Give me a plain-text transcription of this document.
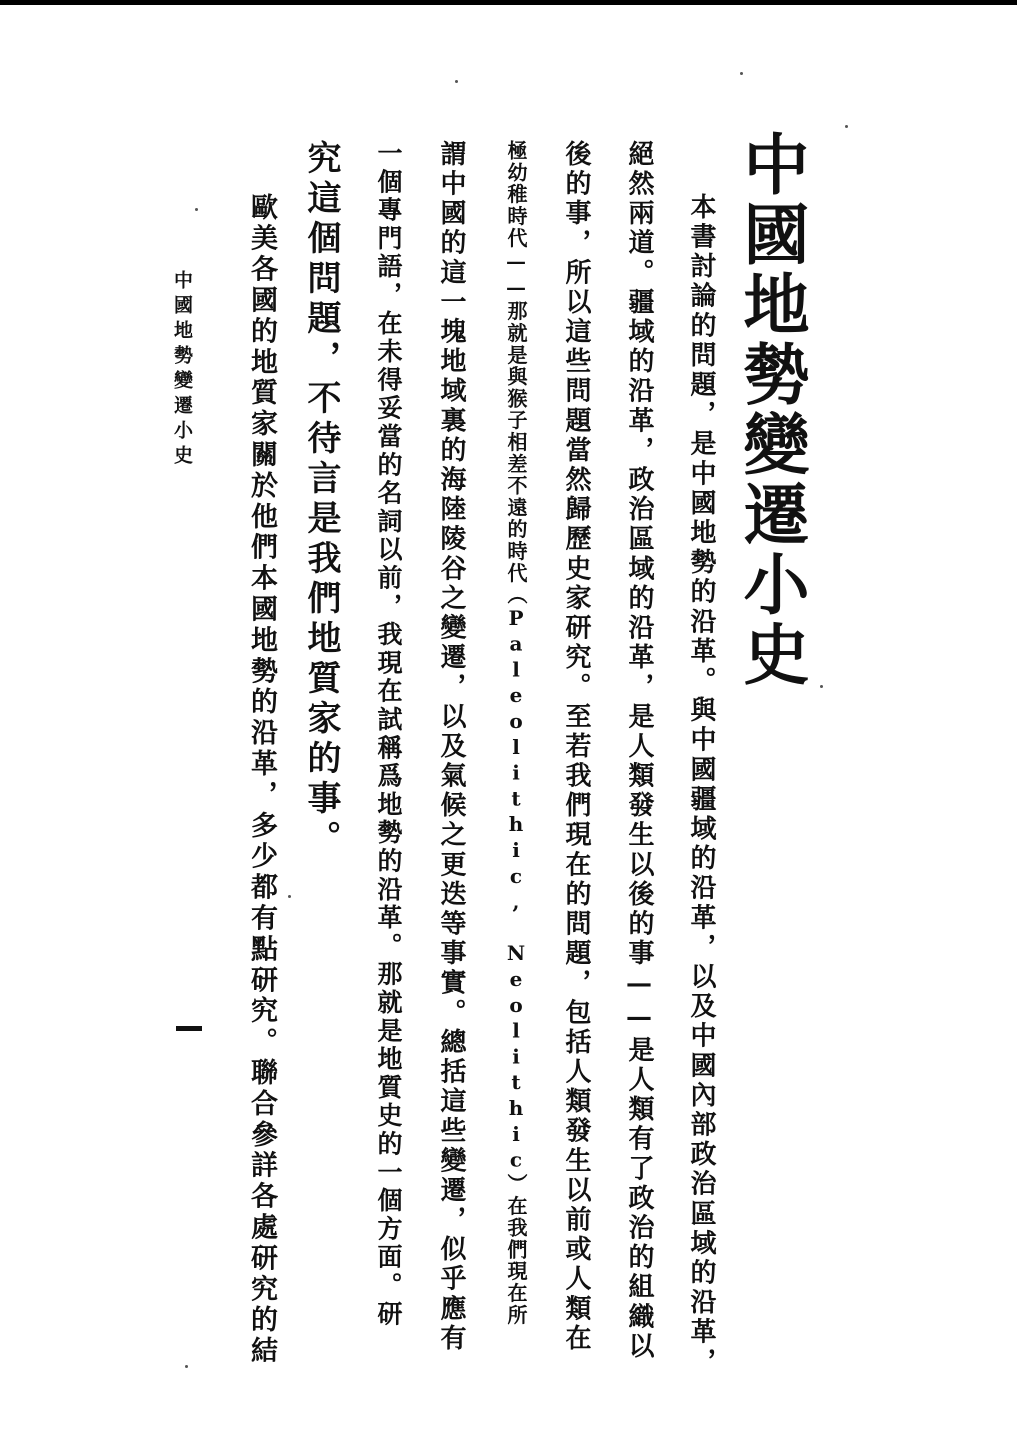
中國地勢變遷小史
本書討論的問題，是中國地勢的沿革。與中國疆域的沿革，以及中國內部政治區域的沿革，
絕然兩道。疆域的沿革，政治區域的沿革，是人類發生以後的事——是人類有了政治的組織以
後的事，所以這些問題當然歸歷史家研究。至若我們現在的問題，包括人類發生以前或人類在
極幼稚時代——那就是與猴子相差不遠的時代（Paleolithic, Neolithic）在我們現在所
謂中國的這一塊地域裏的海陸陵谷之變遷，以及氣候之更迭等事實。總括這些變遷，似乎應有
一個專門語，在未得妥當的名詞以前，我現在試稱爲地勢的沿革。那就是地質史的一個方面。研
究這個問題，不待言是我們地質家的事。
歐美各國的地質家關於他們本國地勢的沿革，多少都有點研究。聯合參詳各處研究的結
中國地勢變遷小史
